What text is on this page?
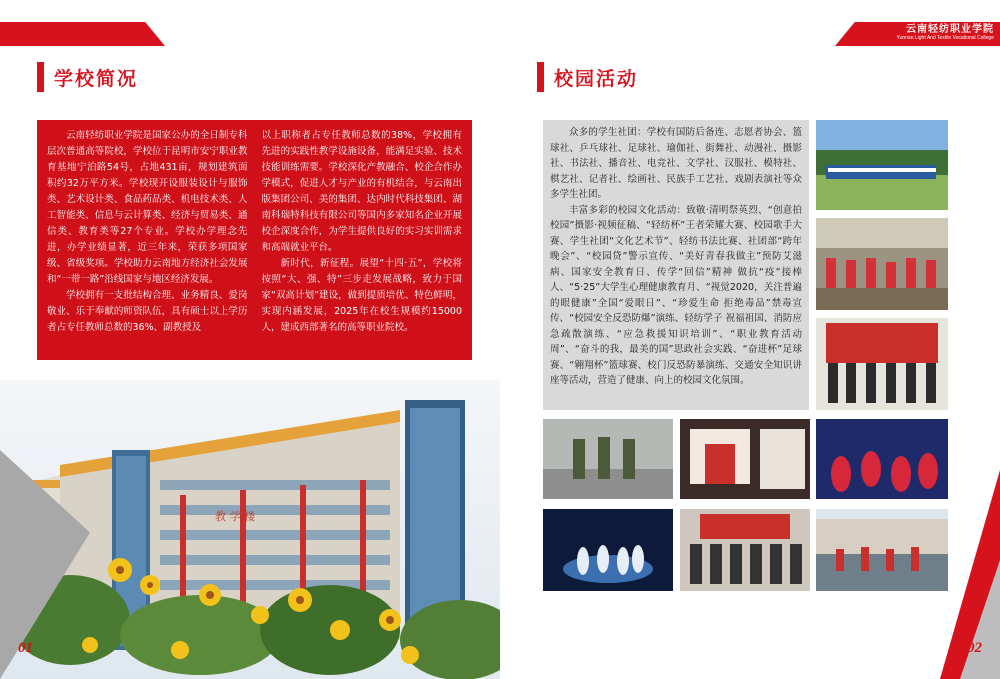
学校简况

云南轻纺职业学院是国家公办的全日制专科层次普通高等院校，学校位于昆明市安宁职业教育基地宁泊路54号，占地431亩，规划建筑面积约32万平方米。学校现开设服装设计与服饰类、艺术设计类、食品药品类、机电技术类、人工智能类、信息与云计算类、经济与贸易类、通信类、教育类等27个专业。学校办学理念先进，办学业绩显著，近三年来，荣获多项国家级、省级奖项。学校助力云南地方经济社会发展和“一带一路”沿线国家与地区经济发展。

学校拥有一支批结构合理、业务精良、爱岗敬业、乐于奉献的师资队伍，具有硕士以上学历者占专任教师总数的36%、副教授及

以上职称者占专任教师总数的38%，学校拥有先进的实践性教学设施设备，能满足实验、技术技能训练需要。学校深化产教融合、校企合作办学模式，促进人才与产业的有机结合，与云南出版集团公司、美的集团、达内时代科技集团、湖南科瑞特科技有限公司等国内多家知名企业开展校企深度合作，为学生提供良好的实习实训需求和高端就业平台。

新时代，新征程。展望“十四·五”，学校将按照“大、强、特”三步走发展战略，致力于国家“双高计划”建设，做到提质培优、特色鲜明，实现内涵发展，2025年在校生规模约15000人，建成西部著名的高等职业院校。

教 学 楼
01
云南轻纺职业学院
Yunnan Light And Textile Vocational College
校园活动
02

众多的学生社团：学校有国防后备连、志愿者协会、篮球社、乒乓球社、足球社、瑜伽社、街舞社、动漫社、摄影社、书法社、播音社、电竞社、文学社、汉服社、模特社、棋艺社、记者社、绘画社、民族手工艺社、戏剧表演社等众多学生社团。

丰富多彩的校园文化活动：致敬·清明祭英烈、“创意拍校园”摄影·视频征稿、“轻纺杯”王者荣耀大赛、校园歌手大赛、学生社团“文化艺术节”、轻纺书法比赛、社团部“跨年晚会”、“校园贷”警示宣传、“美好青春我做主”预防艾滋病、国家安全教育日、传学“回信”精神 做抗“疫”接棒人、“5·25”大学生心理健康教育月、“视觉2020，关注普遍的眼健康”全国“爱眼日”、“珍爱生命 拒绝毒品”禁毒宣传、“校园安全反恐防爆”演练、轻纺学子 祝福祖国、消防应急疏散演练、“应急救援知识培训”、“职业教育活动周”、“奋斗的我，最美的国”思政社会实践、“奋进杯”足球赛、“翱翔杯”篮球赛、校门反恐防暴演练、交通安全知识讲座等活动，营造了健康、向上的校园文化氛围。
